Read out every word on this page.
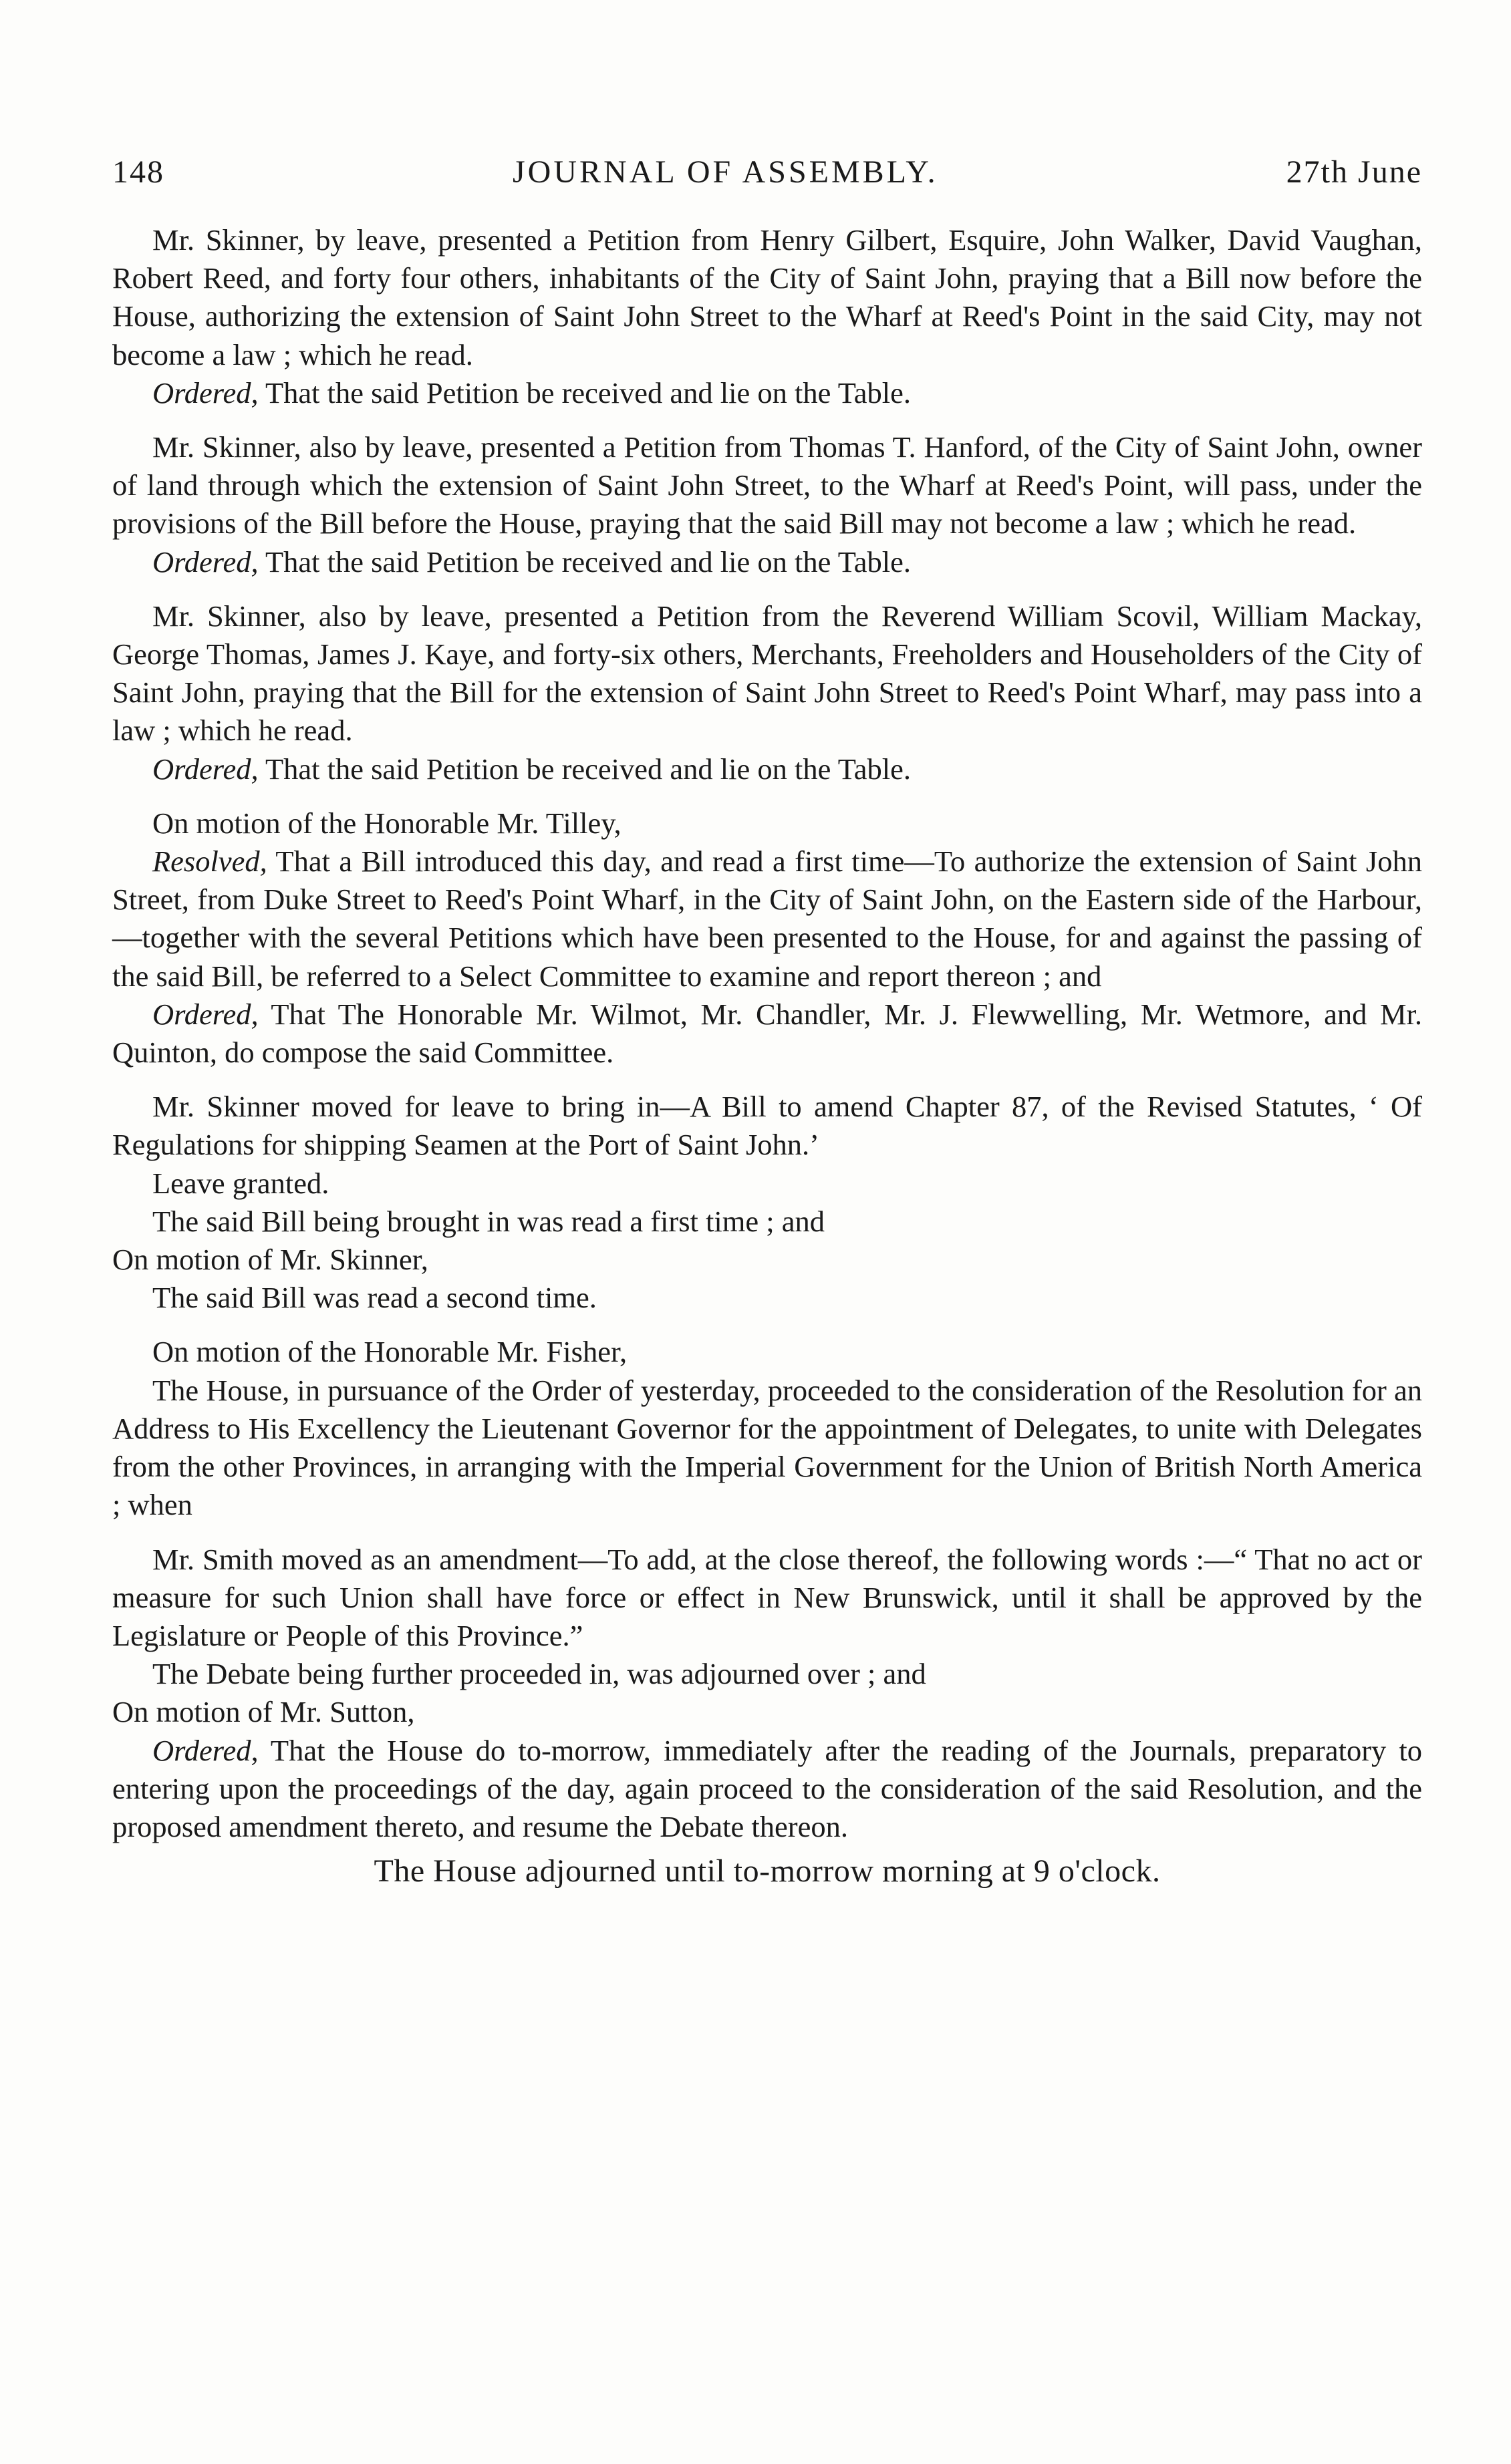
148	JOURNAL OF ASSEMBLY.	27th June

Mr. Skinner, by leave, presented a Petition from Henry Gilbert, Esquire, John Walker, David Vaughan, Robert Reed, and forty four others, inhabitants of the City of Saint John, praying that a Bill now before the House, authorizing the extension of Saint John Street to the Wharf at Reed's Point in the said City, may not become a law ; which he read.
Ordered, That the said Petition be received and lie on the Table.

Mr. Skinner, also by leave, presented a Petition from Thomas T. Hanford, of the City of Saint John, owner of land through which the extension of Saint John Street, to the Wharf at Reed's Point, will pass, under the provisions of the Bill before the House, praying that the said Bill may not become a law ; which he read.
Ordered, That the said Petition be received and lie on the Table.

Mr. Skinner, also by leave, presented a Petition from the Reverend William Scovil, William Mackay, George Thomas, James J. Kaye, and forty-six others, Merchants, Freeholders and Householders of the City of Saint John, praying that the Bill for the extension of Saint John Street to Reed's Point Wharf, may pass into a law ; which he read.
Ordered, That the said Petition be received and lie on the Table.

On motion of the Honorable Mr. Tilley,

Resolved, That a Bill introduced this day, and read a first time—To authorize the extension of Saint John Street, from Duke Street to Reed's Point Wharf, in the City of Saint John, on the Eastern side of the Harbour,—together with the several Petitions which have been presented to the House, for and against the passing of the said Bill, be referred to a Select Committee to examine and report thereon ; and

Ordered, That The Honorable Mr. Wilmot, Mr. Chandler, Mr. J. Flewwelling, Mr. Wetmore, and Mr. Quinton, do compose the said Committee.

Mr. Skinner moved for leave to bring in—A Bill to amend Chapter 87, of the Revised Statutes, ‘ Of Regulations for shipping Seamen at the Port of Saint John.’

Leave granted.

The said Bill being brought in was read a first time ; and

On motion of Mr. Skinner,

The said Bill was read a second time.

On motion of the Honorable Mr. Fisher,

The House, in pursuance of the Order of yesterday, proceeded to the consideration of the Resolution for an Address to His Excellency the Lieutenant Governor for the appointment of Delegates, to unite with Delegates from the other Provinces, in arranging with the Imperial Government for the Union of British North America ; when

Mr. Smith moved as an amendment—To add, at the close thereof, the following words :—“ That no act or measure for such Union shall have force or effect in New Brunswick, until it shall be approved by the Legislature or People of this Province.”

The Debate being further proceeded in, was adjourned over ; and

On motion of Mr. Sutton,

Ordered, That the House do to-morrow, immediately after the reading of the Journals, preparatory to entering upon the proceedings of the day, again proceed to the consideration of the said Resolution, and the proposed amendment thereto, and resume the Debate thereon.

The House adjourned until to-morrow morning at 9 o'clock.
